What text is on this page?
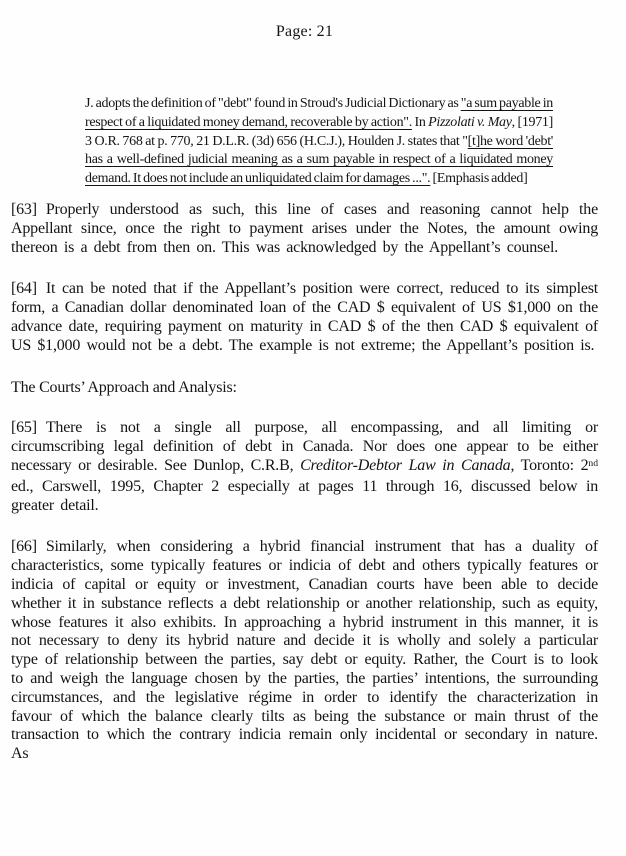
Page: 21
J. adopts the definition of "debt" found in Stroud's Judicial Dictionary as "a sum payable in respect of a liquidated money demand, recoverable by action". In Pizzolati v. May, [1971] 3 O.R. 768 at p. 770, 21 D.L.R. (3d) 656 (H.C.J.), Houlden J. states that "[t]he word 'debt' has a well-defined judicial meaning as a sum payable in respect of a liquidated money demand. It does not include an unliquidated claim for damages ...". [Emphasis added]

[63] Properly understood as such, this line of cases and reasoning cannot help the Appellant since, once the right to payment arises under the Notes, the amount owing thereon is a debt from then on. This was acknowledged by the Appellant’s counsel.

[64] It can be noted that if the Appellant’s position were correct, reduced to its simplest form, a Canadian dollar denominated loan of the CAD $ equivalent of US $1,000 on the advance date, requiring payment on maturity in CAD $ of the then CAD $ equivalent of US $1,000 would not be a debt. The example is not extreme; the Appellant’s position is.

The Courts’ Approach and Analysis:

[65] There is not a single all purpose, all encompassing, and all limiting or circumscribing legal definition of debt in Canada. Nor does one appear to be either necessary or desirable. See Dunlop, C.R.B, Creditor-Debtor Law in Canada, Toronto: 2nd ed., Carswell, 1995, Chapter 2 especially at pages 11 through 16, discussed below in greater detail.

[66] Similarly, when considering a hybrid financial instrument that has a duality of characteristics, some typically features or indicia of debt and others typically features or indicia of capital or equity or investment, Canadian courts have been able to decide whether it in substance reflects a debt relationship or another relationship, such as equity, whose features it also exhibits. In approaching a hybrid instrument in this manner, it is not necessary to deny its hybrid nature and decide it is wholly and solely a particular type of relationship between the parties, say debt or equity. Rather, the Court is to look to and weigh the language chosen by the parties, the parties’ intentions, the surrounding circumstances, and the legislative régime in order to identify the characterization in favour of which the balance clearly tilts as being the substance or main thrust of the transaction to which the contrary indicia remain only incidental or secondary in nature. As
